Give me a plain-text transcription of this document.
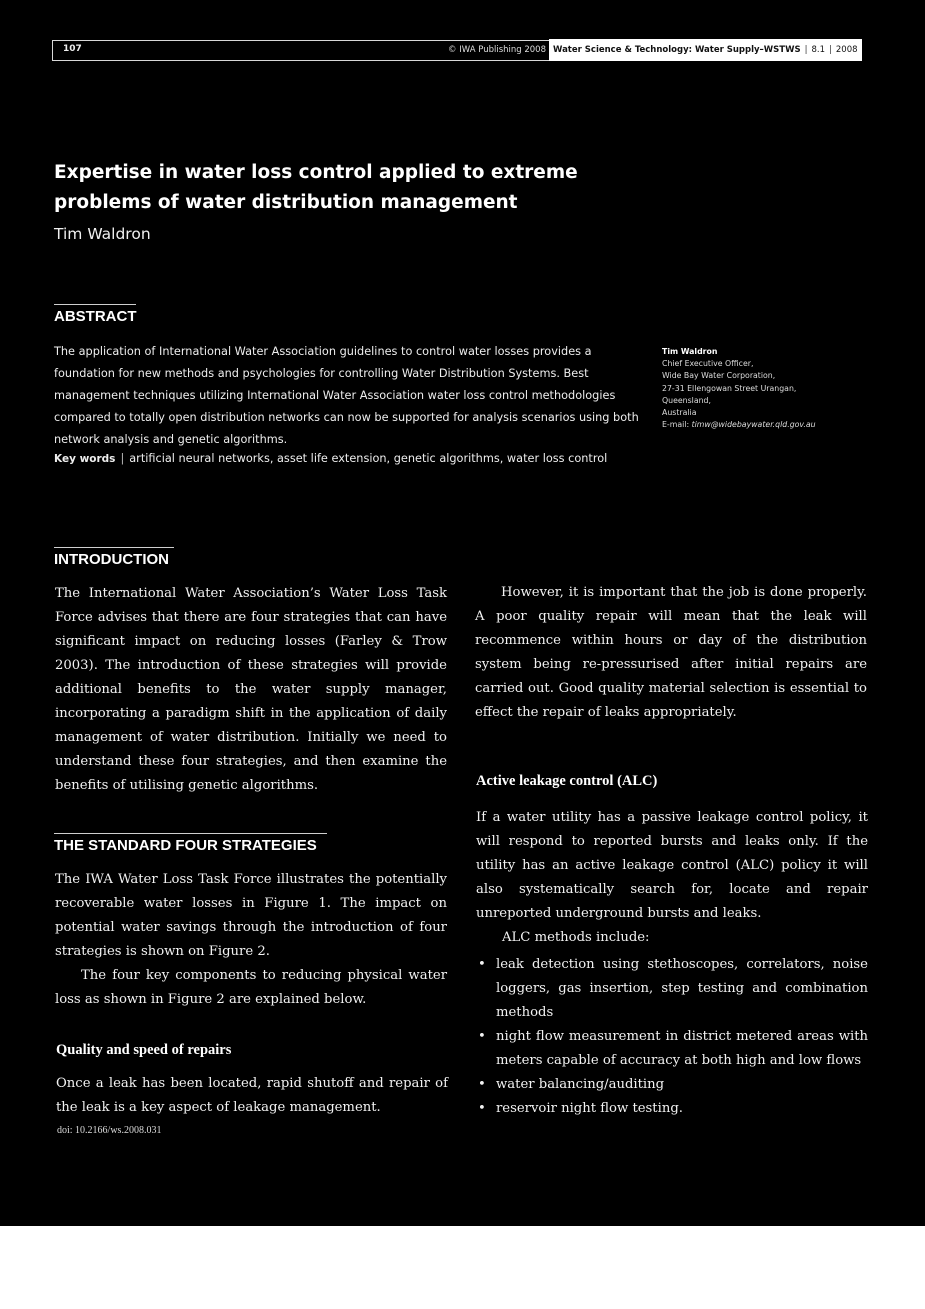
107	© IWA Publishing 2008 Water Science & Technology: Water Supply–WSTWS | 8.1 | 2008
Expertise in water loss control applied to extreme problems of water distribution management
Tim Waldron
ABSTRACT
The application of International Water Association guidelines to control water losses provides a foundation for new methods and psychologies for controlling Water Distribution Systems. Best management techniques utilizing International Water Association water loss control methodologies compared to totally open distribution networks can now be supported for analysis scenarios using both network analysis and genetic algorithms.
Key words | artificial neural networks, asset life extension, genetic algorithms, water loss control
Tim Waldron
Chief Executive Officer,
Wide Bay Water Corporation,
27-31 Ellengowan Street Urangan,
Queensland,
Australia
E-mail: timw@widebaywater.qld.gov.au
INTRODUCTION

The International Water Association’s Water Loss Task Force advises that there are four strategies that can have significant impact on reducing losses (Farley & Trow 2003). The introduction of these strategies will provide additional benefits to the water supply manager, incorporating a paradigm shift in the application of daily management of water distribution. Initially we need to understand these four strategies, and then examine the benefits of utilising genetic algorithms.

THE STANDARD FOUR STRATEGIES

The IWA Water Loss Task Force illustrates the potentially recoverable water losses in Figure 1. The impact on potential water savings through the introduction of four strategies is shown on Figure 2.

The four key components to reducing physical water loss as shown in Figure 2 are explained below.

Quality and speed of repairs

Once a leak has been located, rapid shutoff and repair of the leak is a key aspect of leakage management.

doi: 10.2166/ws.2008.031

However, it is important that the job is done properly. A poor quality repair will mean that the leak will recommence within hours or day of the distribution system being re-pressurised after initial repairs are carried out. Good quality material selection is essential to effect the repair of leaks appropriately.

Active leakage control (ALC)

If a water utility has a passive leakage control policy, it will respond to reported bursts and leaks only. If the utility has an active leakage control (ALC) policy it will also systematically search for, locate and repair unreported underground bursts and leaks.

ALC methods include:

• leak detection using stethoscopes, correlators, noise loggers, gas insertion, step testing and combination methods
• night flow measurement in district metered areas with meters capable of accuracy at both high and low flows
• water balancing/auditing
• reservoir night flow testing.
